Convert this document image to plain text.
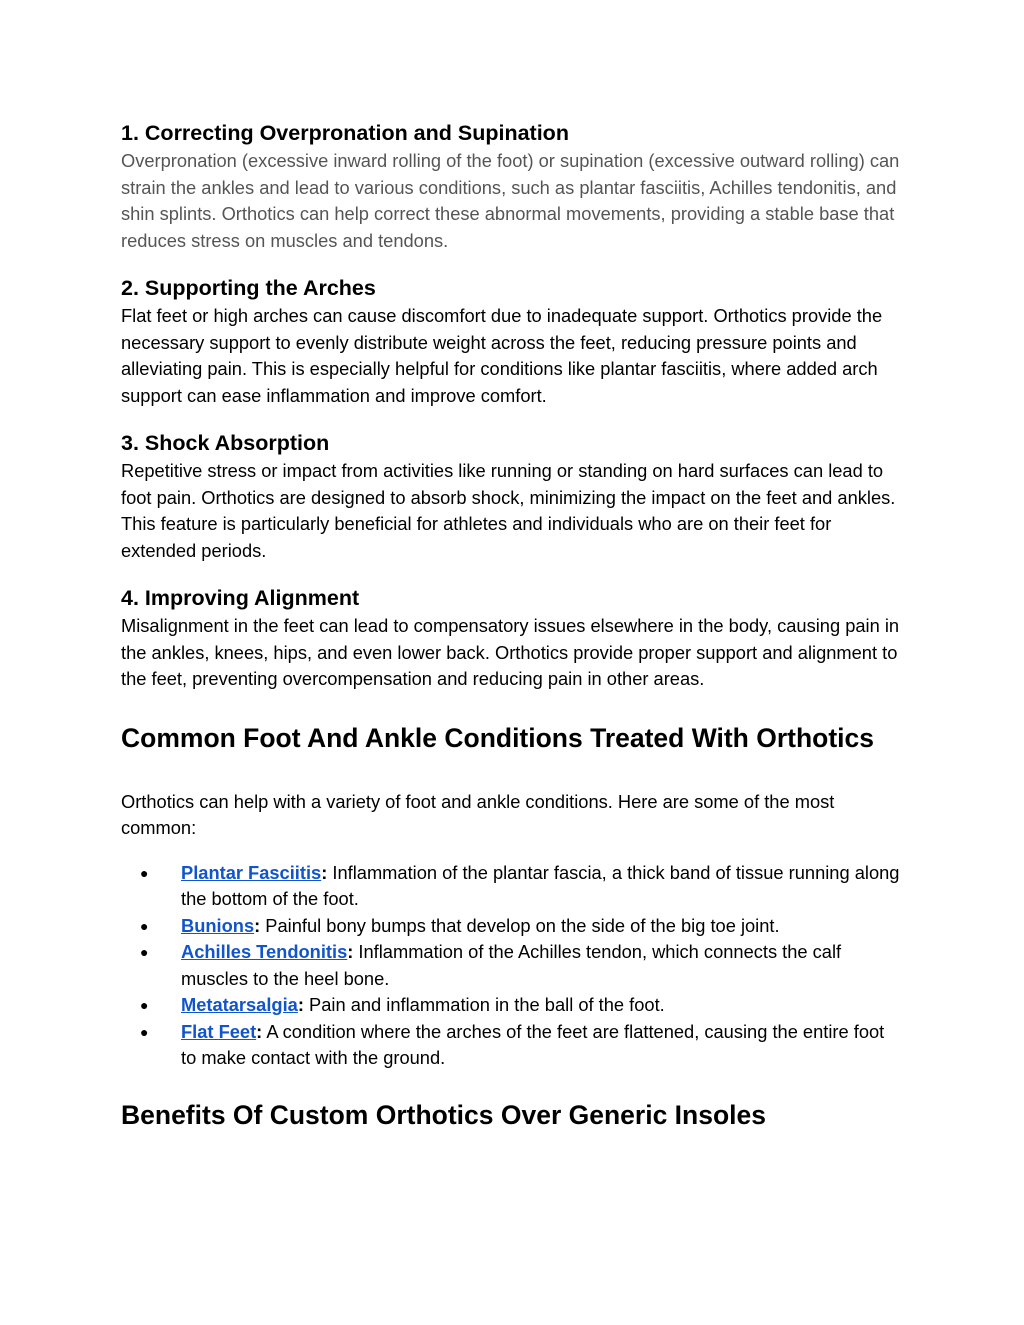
1. Correcting Overpronation and Supination

Overpronation (excessive inward rolling of the foot) or supination (excessive outward rolling) can strain the ankles and lead to various conditions, such as plantar fasciitis, Achilles tendonitis, and shin splints. Orthotics can help correct these abnormal movements, providing a stable base that reduces stress on muscles and tendons.

2. Supporting the Arches

Flat feet or high arches can cause discomfort due to inadequate support. Orthotics provide the necessary support to evenly distribute weight across the feet, reducing pressure points and alleviating pain. This is especially helpful for conditions like plantar fasciitis, where added arch support can ease inflammation and improve comfort.

3. Shock Absorption

Repetitive stress or impact from activities like running or standing on hard surfaces can lead to foot pain. Orthotics are designed to absorb shock, minimizing the impact on the feet and ankles. This feature is particularly beneficial for athletes and individuals who are on their feet for extended periods.

4. Improving Alignment

Misalignment in the feet can lead to compensatory issues elsewhere in the body, causing pain in the ankles, knees, hips, and even lower back. Orthotics provide proper support and alignment to the feet, preventing overcompensation and reducing pain in other areas.

Common Foot And Ankle Conditions Treated With Orthotics

Orthotics can help with a variety of foot and ankle conditions. Here are some of the most common:

● Plantar Fasciitis: Inflammation of the plantar fascia, a thick band of tissue running along the bottom of the foot.
● Bunions: Painful bony bumps that develop on the side of the big toe joint.
● Achilles Tendonitis: Inflammation of the Achilles tendon, which connects the calf muscles to the heel bone.
● Metatarsalgia: Pain and inflammation in the ball of the foot.
● Flat Feet: A condition where the arches of the feet are flattened, causing the entire foot to make contact with the ground.
Benefits Of Custom Orthotics Over Generic Insoles
